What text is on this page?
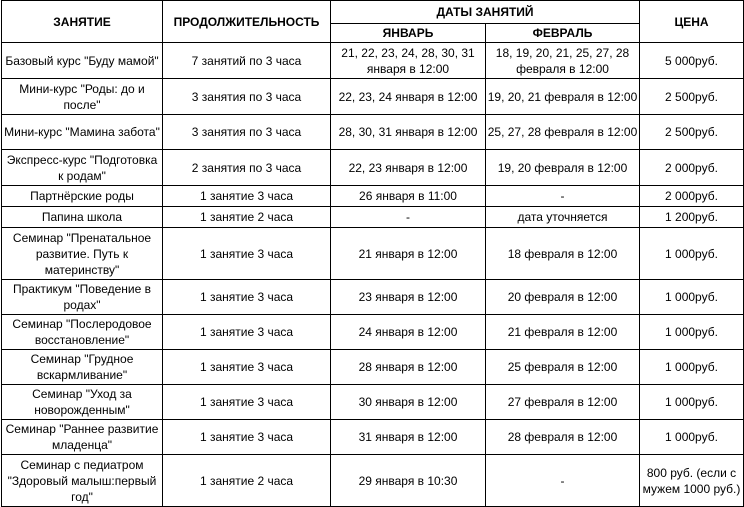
ЗАНЯТИЕ	ПРОДОЛЖИТЕЛЬНОСТЬ	ДАТЫ ЗАНЯТИЙ		ЦЕНА
		ЯНВАРЬ	ФЕВРАЛЬ	
Базовый курс "Буду мамой"	7 занятий по 3 часа	21, 22, 23, 24, 28, 30, 31 января в 12:00	18, 19, 20, 21, 25, 27, 28 февраля в 12:00	5 000руб.
Мини-курс "Роды: до и после"	3 занятия по 3 часа	22, 23, 24 января в 12:00	19, 20, 21 февраля в 12:00	2 500руб.
Мини-курс "Мамина забота"	3 занятия по 3 часа	28, 30, 31 января в 12:00	25, 27, 28 февраля в 12:00	2 500руб.
Экспресс-курс "Подготовка к родам"	2 занятия по 3 часа	22, 23 января в 12:00	19, 20 февраля в 12:00	2 000руб.
Партнёрские роды	1 занятие 3 часа	26 января в 11:00	-	2 000руб.
Папина школа	1 занятие 2 часа	-	дата уточняется	1 200руб.
Семинар "Пренатальное развитие. Путь к материнству"	1 занятие 3 часа	21 января в 12:00	18 февраля в 12:00	1 000руб.
Практикум "Поведение в родах"	1 занятие 3 часа	23 января в 12:00	20 февраля в 12:00	1 000руб.
Семинар "Послеродовое восстановление"	1 занятие 3 часа	24 января в 12:00	21 февраля в 12:00	1 000руб.
Семинар "Грудное вскармливание"	1 занятие 3 часа	28 января в 12:00	25 февраля в 12:00	1 000руб.
Семинар "Уход за новорожденным"	1 занятие 3 часа	30 января в 12:00	27 февраля в 12:00	1 000руб.
Семинар "Раннее развитие младенца"	1 занятие 3 часа	31 января в 12:00	28 февраля в 12:00	1 000руб.
Семинар с педиатром "Здоровый малыш:первый год"	1 занятие 2 часа	29 января в 10:30	-	800 руб. (если с мужем 1000 руб.)
